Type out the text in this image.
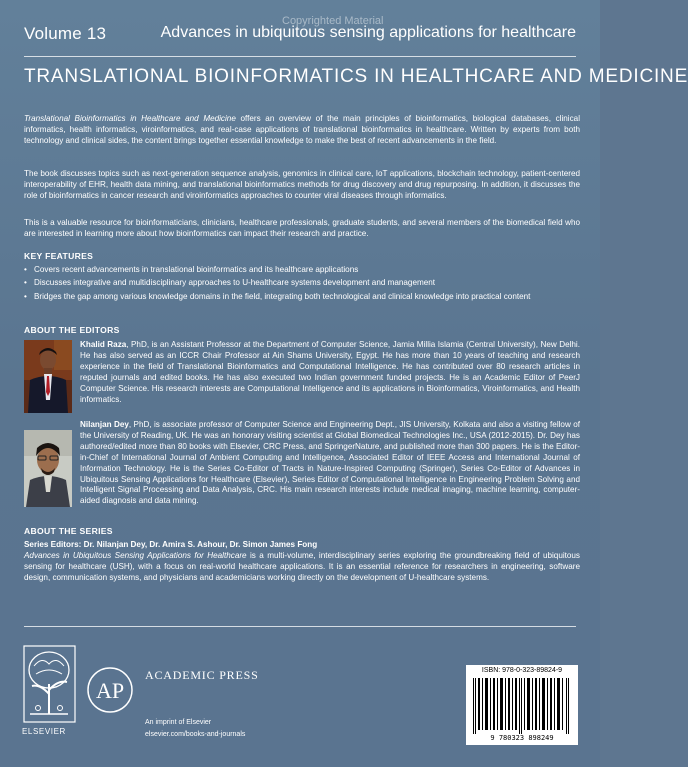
Volume 13	Advances in ubiquitous sensing applications for healthcare
Copyrighted Material
TRANSLATIONAL BIOINFORMATICS IN HEALTHCARE AND MEDICINE
Translational Bioinformatics in Healthcare and Medicine offers an overview of the main principles of bioinformatics, biological databases, clinical informatics, health informatics, viroinformatics, and real-case applications of translational bioinformatics in healthcare. Written by experts from both technology and clinical sides, the content brings together essential knowledge to make the best of recent advancements in the field.
The book discusses topics such as next-generation sequence analysis, genomics in clinical care, IoT applications, blockchain technology, patient-centered interoperability of EHR, health data mining, and translational bioinformatics methods for drug discovery and drug repurposing. In addition, it discusses the role of bioinformatics in cancer research and viroinformatics approaches to counter viral diseases through informatics.
This is a valuable resource for bioinformaticians, clinicians, healthcare professionals, graduate students, and several members of the biomedical field who are interested in learning more about how bioinformatics can impact their research and practice.
KEY FEATURES
• Covers recent advancements in translational bioinformatics and its healthcare applications
• Discusses integrative and multidisciplinary approaches to U-healthcare systems development and management
• Bridges the gap among various knowledge domains in the field, integrating both technological and clinical knowledge into practical content
ABOUT THE EDITORS
Khalid Raza, PhD, is an Assistant Professor at the Department of Computer Science, Jamia Millia Islamia (Central University), New Delhi. He has also served as an ICCR Chair Professor at Ain Shams University, Egypt. He has more than 10 years of teaching and research experience in the field of Translational Bioinformatics and Computational Intelligence. He has contributed over 80 research articles in reputed journals and edited books. He has also executed two Indian government funded projects. He is an Academic Editor of PeerJ Computer Science. His research interests are Computational Intelligence and its applications in Bioinformatics, Viroinformatics, and Health informatics.
Nilanjan Dey, PhD, is associate professor of Computer Science and Engineering Dept., JIS University, Kolkata and also a visiting fellow of the University of Reading, UK. He was an honorary visiting scientist at Global Biomedical Technologies Inc., USA (2012-2015). Dr. Dey has authored/edited more than 80 books with Elsevier, CRC Press, and SpringerNature, and published more than 300 papers. He is the Editor-in-Chief of International Journal of Ambient Computing and Intelligence, Associated Editor of IEEE Access and International Journal of Information Technology. He is the Series Co-Editor of Tracts in Nature-Inspired Computing (Springer), Series Co-Editor of Advances in Ubiquitous Sensing Applications for Healthcare (Elsevier), Series Editor of Computational Intelligence in Engineering Problem Solving and Intelligent Signal Processing and Data Analysis, CRC. His main research interests include medical imaging, machine learning, computer-aided diagnosis and data mining.
ABOUT THE SERIES
Series Editors: Dr. Nilanjan Dey, Dr. Amira S. Ashour, Dr. Simon James Fong
Advances in Ubiquitous Sensing Applications for Healthcare is a multi-volume, interdisciplinary series exploring the groundbreaking field of ubiquitous sensing for healthcare (USH), with a focus on real-world healthcare applications. It is an essential reference for researchers in engineering, software design, communication systems, and physicians and academicians working directly on the development of U-healthcare systems.
ELSEVIER
AP
ACADEMIC PRESS
An imprint of Elsevier
elsevier.com/books-and-journals
ISBN: 978-0-323-89824-9
9 780323 898249
